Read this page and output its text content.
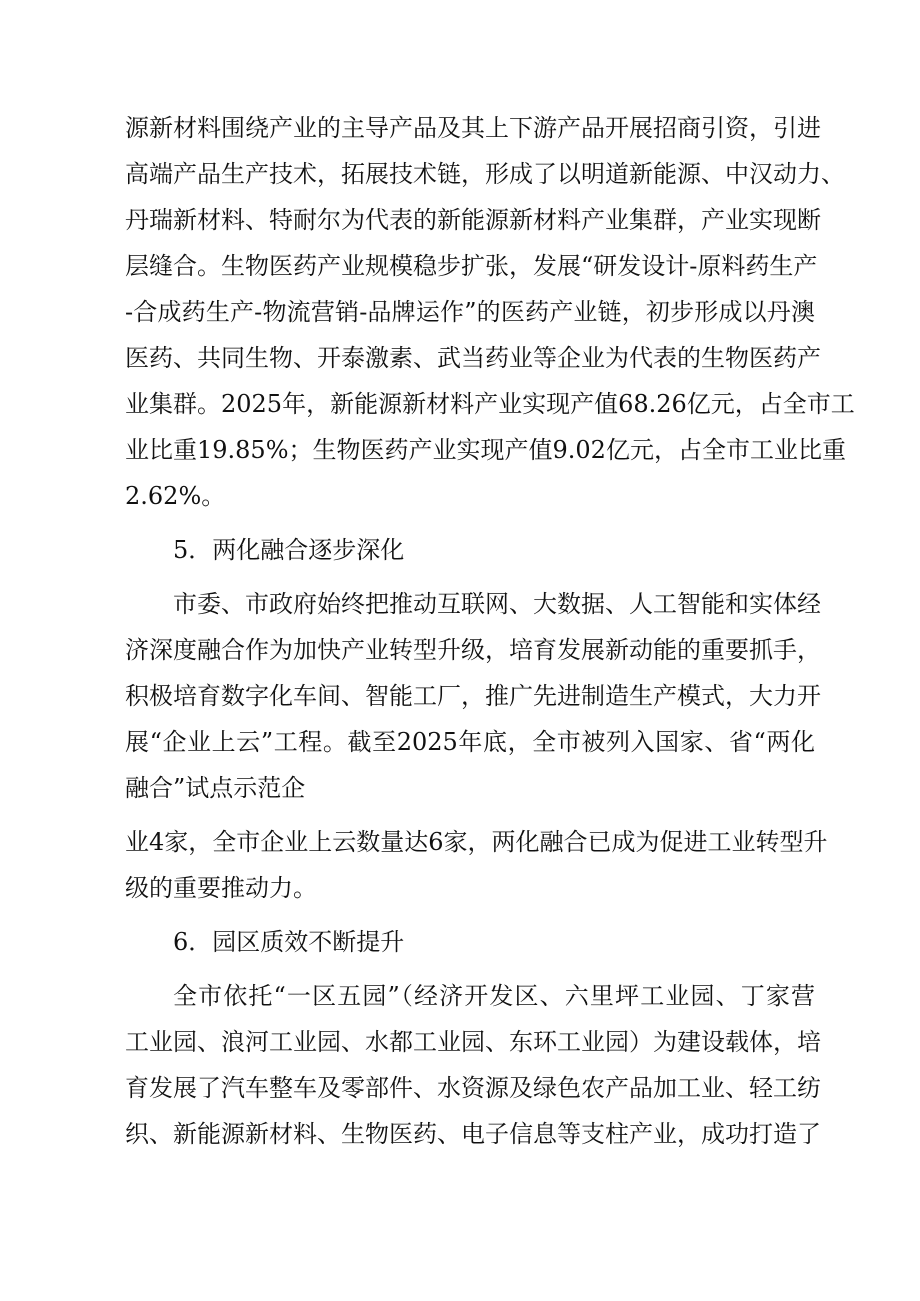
源新材料围绕产业的主导产品及其上下游产品开展招商引资，引进
高端产品生产技术，拓展技术链，形成了以明道新能源、中汉动力、
丹瑞新材料、特耐尔为代表的新能源新材料产业集群，产业实现断
层缝合。生物医药产业规模稳步扩张，发展“研发设计-原料药生产
-合成药生产-物流营销-品牌运作”的医药产业链，初步形成以丹澳
医药、共同生物、开泰激素、武当药业等企业为代表的生物医药产
业集群。2025年，新能源新材料产业实现产值68.26亿元，占全市工
业比重19.85%；生物医药产业实现产值9.02亿元，占全市工业比重
2.62%。
5．两化融合逐步深化
市委、市政府始终把推动互联网、大数据、人工智能和实体经
济深度融合作为加快产业转型升级，培育发展新动能的重要抓手，
积极培育数字化车间、智能工厂，推广先进制造生产模式，大力开
展“企业上云”工程。截至2025年底，全市被列入国家、省“两化
融合”试点示范企
业4家，全市企业上云数量达6家，两化融合已成为促进工业转型升
级的重要推动力。
6．园区质效不断提升
全市依托“一区五园”（经济开发区、六里坪工业园、丁家营
工业园、浪河工业园、水都工业园、东环工业园）为建设载体，培
育发展了汽车整车及零部件、水资源及绿色农产品加工业、轻工纺
织、新能源新材料、生物医药、电子信息等支柱产业，成功打造了
